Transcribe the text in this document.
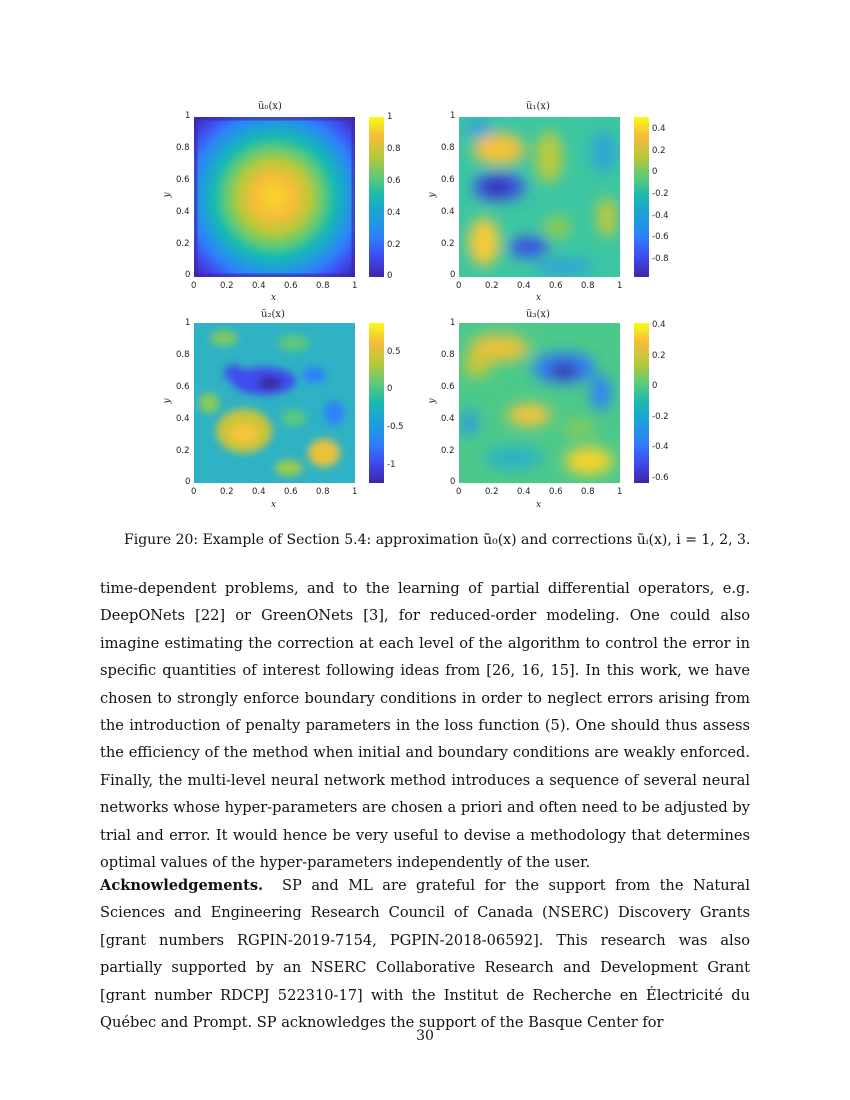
ũ₀(x)
x
y
0	0.2 0.4 0.6 0.8	1
0
0.2
0.4
0.6
0.8
1	1
0.8
0.6
0.4
0.2
0
ũ₁(x)
x
y
0	0.2 0.4 0.6 0.8	1
0
0.2
0.4
0.6
0.8
1
0.4
0.2
0
-0.2
-0.4
-0.6
-0.8
ũ₂(x)
x
y
0	0.2 0.4 0.6 0.8	1
0
0.2
0.4
0.6
0.8
1
0.5
0
-0.5
-1
ũ₃(x)
x
y
0	0.2 0.4 0.6 0.8	1
0
0.2
0.4
0.6
0.8
1	0.4
0.2
0
-0.2
-0.4
-0.6
Figure 20: Example of Section 5.4: approximation ũ₀(x) and corrections ũᵢ(x), i = 1, 2, 3.

time-dependent problems, and to the learning of partial differential operators, e.g. DeepONets [22] or GreenONets [3], for reduced-order modeling. One could also imagine estimating the correction at each level of the algorithm to control the error in specific quantities of interest following ideas from [26, 16, 15]. In this work, we have chosen to strongly enforce boundary conditions in order to neglect errors arising from the introduction of penalty parameters in the loss function (5). One should thus assess the efficiency of the method when initial and boundary conditions are weakly enforced. Finally, the multi-level neural network method introduces a sequence of several neural networks whose hyper-parameters are chosen a priori and often need to be adjusted by trial and error. It would hence be very useful to devise a methodology that determines optimal values of the hyper-parameters independently of the user.

Acknowledgements. SP and ML are grateful for the support from the Natural Sciences and Engineering Research Council of Canada (NSERC) Discovery Grants [grant numbers RGPIN-2019-7154, PGPIN-2018-06592]. This research was also partially supported by an NSERC Collaborative Research and Development Grant [grant number RDCPJ 522310-17] with the Institut de Recherche en Électricité du Québec and Prompt. SP acknowledges the support of the Basque Center for

30
